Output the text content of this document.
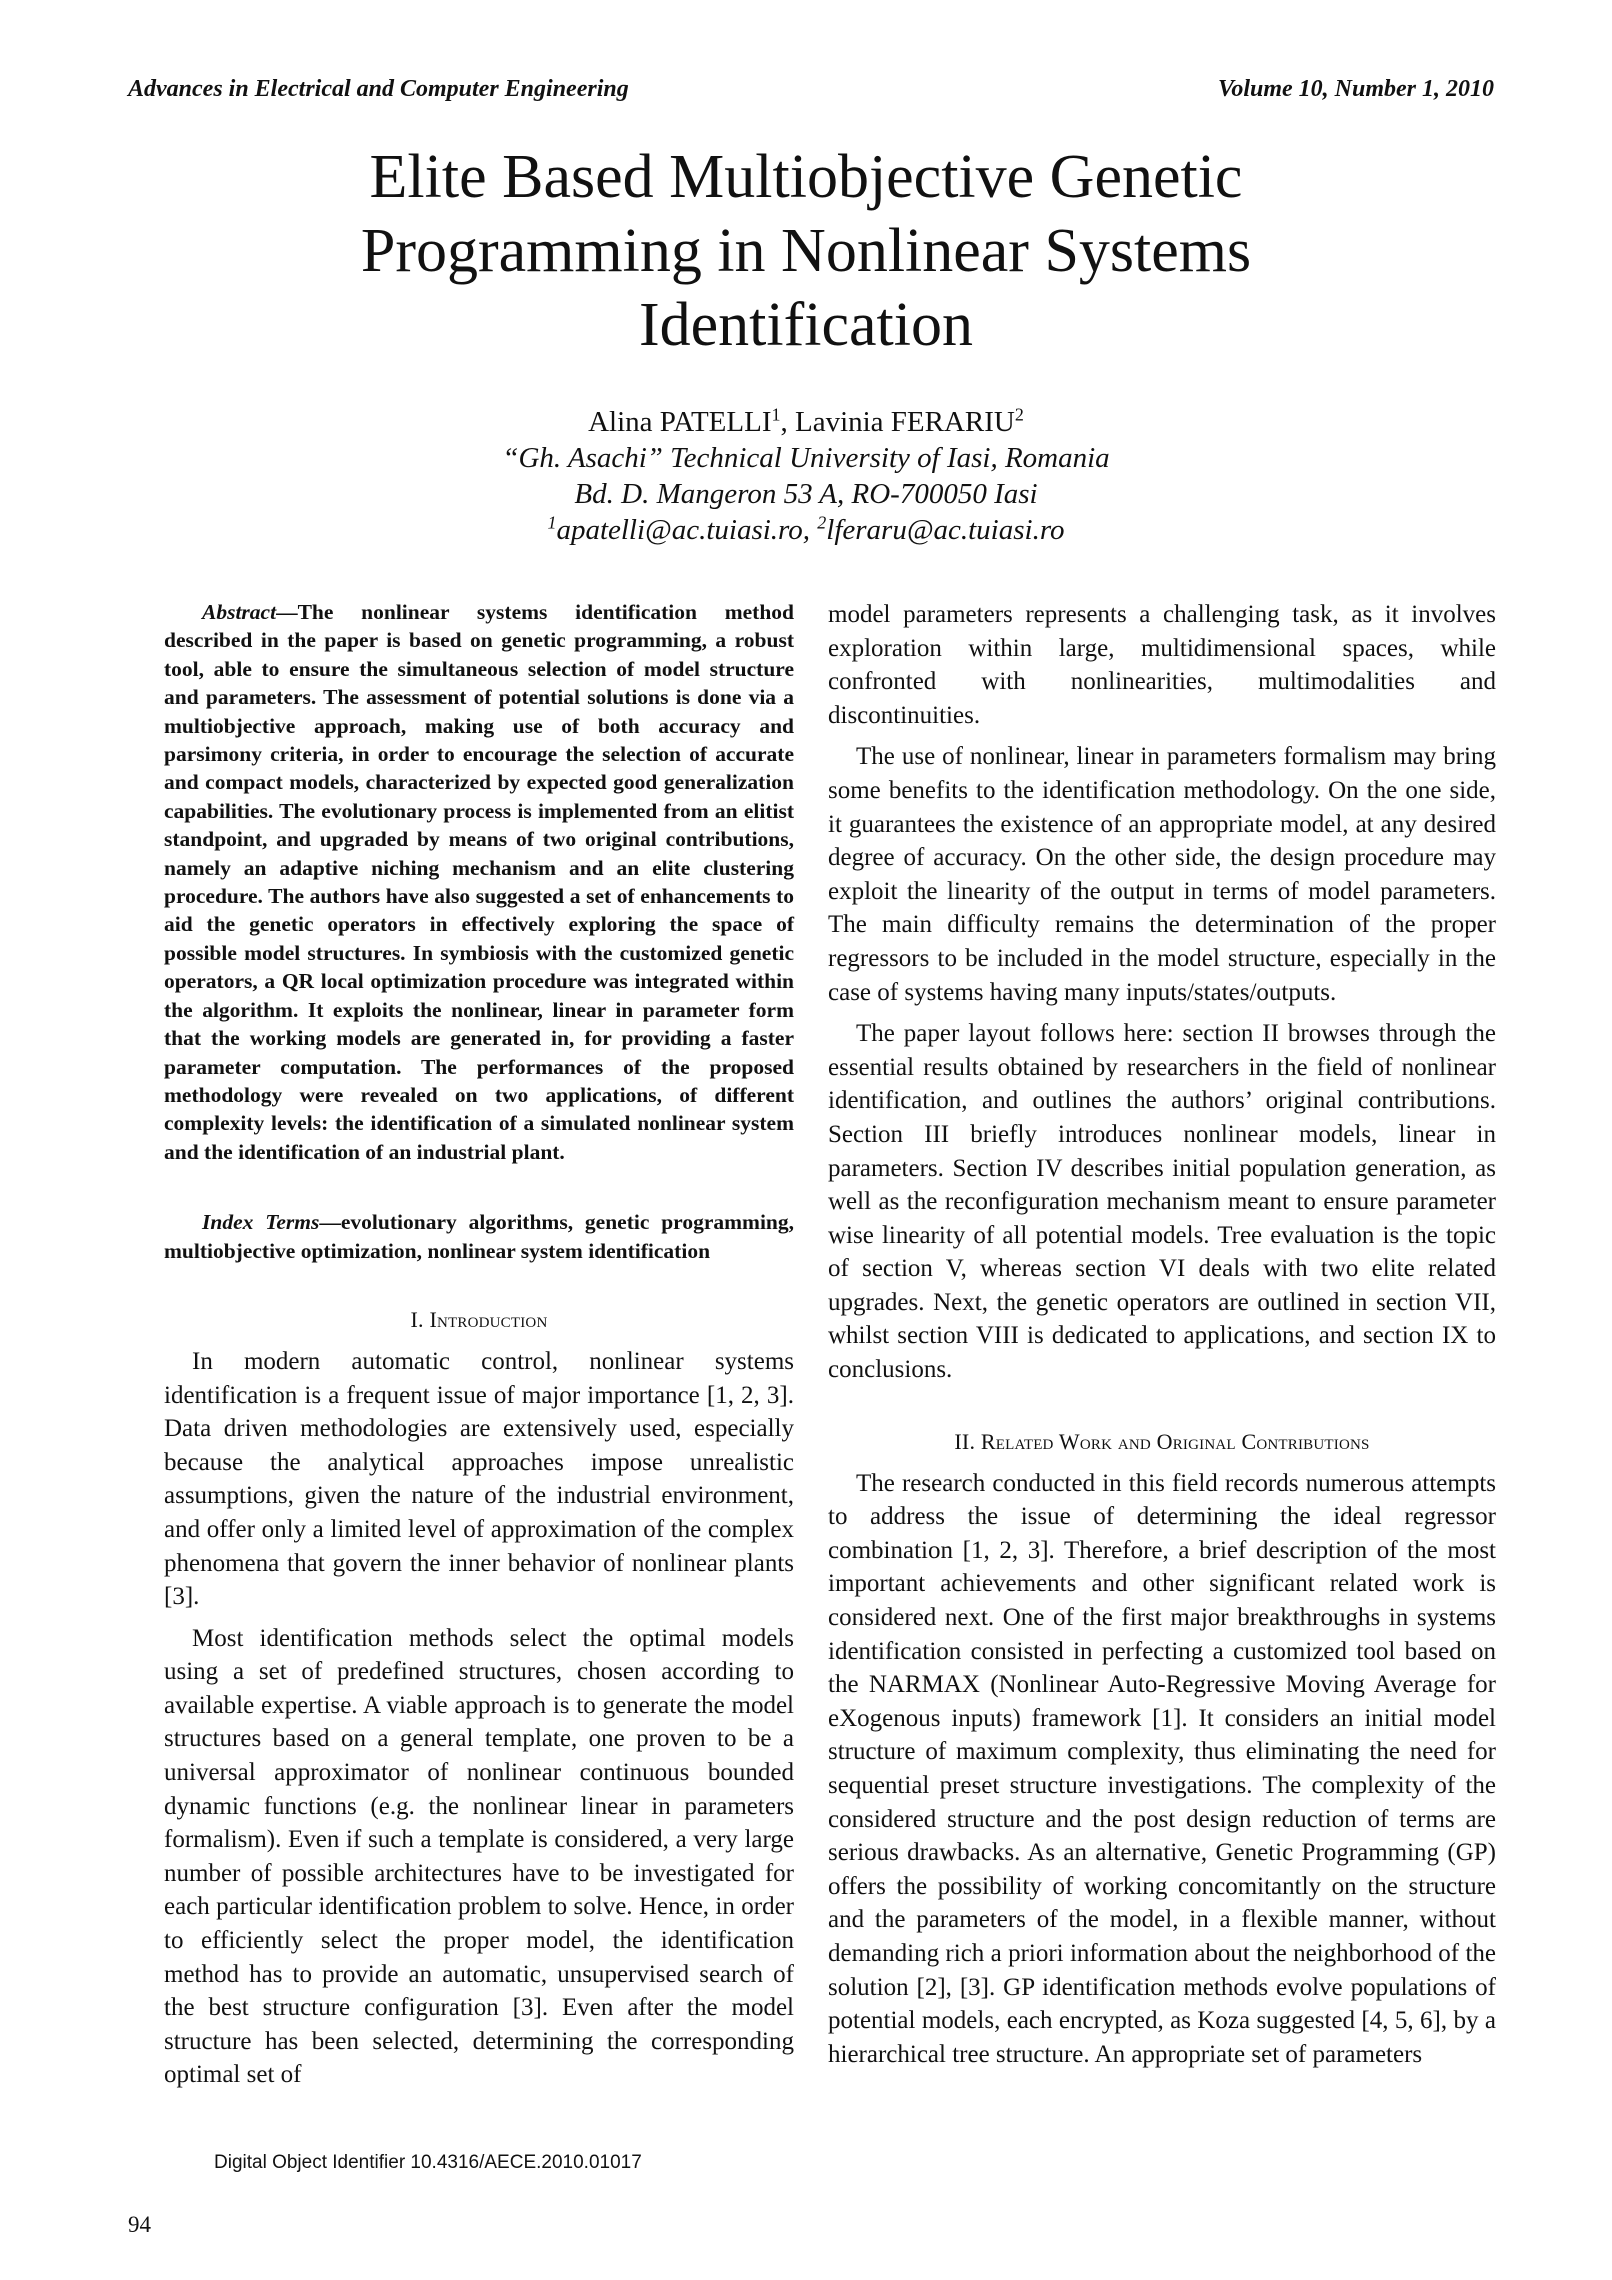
Advances in Electrical and Computer Engineering	Volume 10, Number 1, 2010
Elite Based Multiobjective Genetic
Programming in Nonlinear Systems
Identification
Alina PATELLI$^1$, Lavinia FERARIU$^2$
“Gh. Asachi” Technical University of Iasi, Romania
Bd. D. Mangeron 53 A, RO-700050 Iasi
$^1$apatelli@ac.tuiasi.ro, $^2$lferaru@ac.tuiasi.ro

Abstract—The nonlinear systems identification method described in the paper is based on genetic programming, a robust tool, able to ensure the simultaneous selection of model structure and parameters. The assessment of potential solutions is done via a multiobjective approach, making use of both accuracy and parsimony criteria, in order to encourage the selection of accurate and compact models, characterized by expected good generalization capabilities. The evolutionary process is implemented from an elitist standpoint, and upgraded by means of two original contributions, namely an adaptive niching mechanism and an elite clustering procedure. The authors have also suggested a set of enhancements to aid the genetic operators in effectively exploring the space of possible model structures. In symbiosis with the customized genetic operators, a QR local optimization procedure was integrated within the algorithm. It exploits the nonlinear, linear in parameter form that the working models are generated in, for providing a faster parameter computation. The performances of the proposed methodology were revealed on two applications, of different complexity levels: the identification of a simulated nonlinear system and the identification of an industrial plant.

Index Terms—evolutionary algorithms, genetic programming, multiobjective optimization, nonlinear system identification

I. Introduction

In modern automatic control, nonlinear systems identification is a frequent issue of major importance [1, 2, 3]. Data driven methodologies are extensively used, especially because the analytical approaches impose unrealistic assumptions, given the nature of the industrial environment, and offer only a limited level of approximation of the complex phenomena that govern the inner behavior of nonlinear plants [3].

Most identification methods select the optimal models using a set of predefined structures, chosen according to available expertise. A viable approach is to generate the model structures based on a general template, one proven to be a universal approximator of nonlinear continuous bounded dynamic functions (e.g. the nonlinear linear in parameters formalism). Even if such a template is considered, a very large number of possible architectures have to be investigated for each particular identification problem to solve. Hence, in order to efficiently select the proper model, the identification method has to provide an automatic, unsupervised search of the best structure configuration [3]. Even after the model structure has been selected, determining the corresponding optimal set of

model parameters represents a challenging task, as it involves exploration within large, multidimensional spaces, while confronted with nonlinearities, multimodalities and discontinuities.

The use of nonlinear, linear in parameters formalism may bring some benefits to the identification methodology. On the one side, it guarantees the existence of an appropriate model, at any desired degree of accuracy. On the other side, the design procedure may exploit the linearity of the output in terms of model parameters. The main difficulty remains the determination of the proper regressors to be included in the model structure, especially in the case of systems having many inputs/states/outputs.

The paper layout follows here: section II browses through the essential results obtained by researchers in the field of nonlinear identification, and outlines the authors’ original contributions. Section III briefly introduces nonlinear models, linear in parameters. Section IV describes initial population generation, as well as the reconfiguration mechanism meant to ensure parameter wise linearity of all potential models. Tree evaluation is the topic of section V, whereas section VI deals with two elite related upgrades. Next, the genetic operators are outlined in section VII, whilst section VIII is dedicated to applications, and section IX to conclusions.

II. Related Work and Original Contributions

The research conducted in this field records numerous attempts to address the issue of determining the ideal regressor combination [1, 2, 3]. Therefore, a brief description of the most important achievements and other significant related work is considered next. One of the first major breakthroughs in systems identification consisted in perfecting a customized tool based on the NARMAX (Nonlinear Auto-Regressive Moving Average for eXogenous inputs) framework [1]. It considers an initial model structure of maximum complexity, thus eliminating the need for sequential preset structure investigations. The complexity of the considered structure and the post design reduction of terms are serious drawbacks. As an alternative, Genetic Programming (GP) offers the possibility of working concomitantly on the structure and the parameters of the model, in a flexible manner, without demanding rich a priori information about the neighborhood of the solution [2], [3]. GP identification methods evolve populations of potential models, each encrypted, as Koza suggested [4, 5, 6], by a hierarchical tree structure. An appropriate set of parameters

Digital Object Identifier 10.4316/AECE.2010.01017
94
